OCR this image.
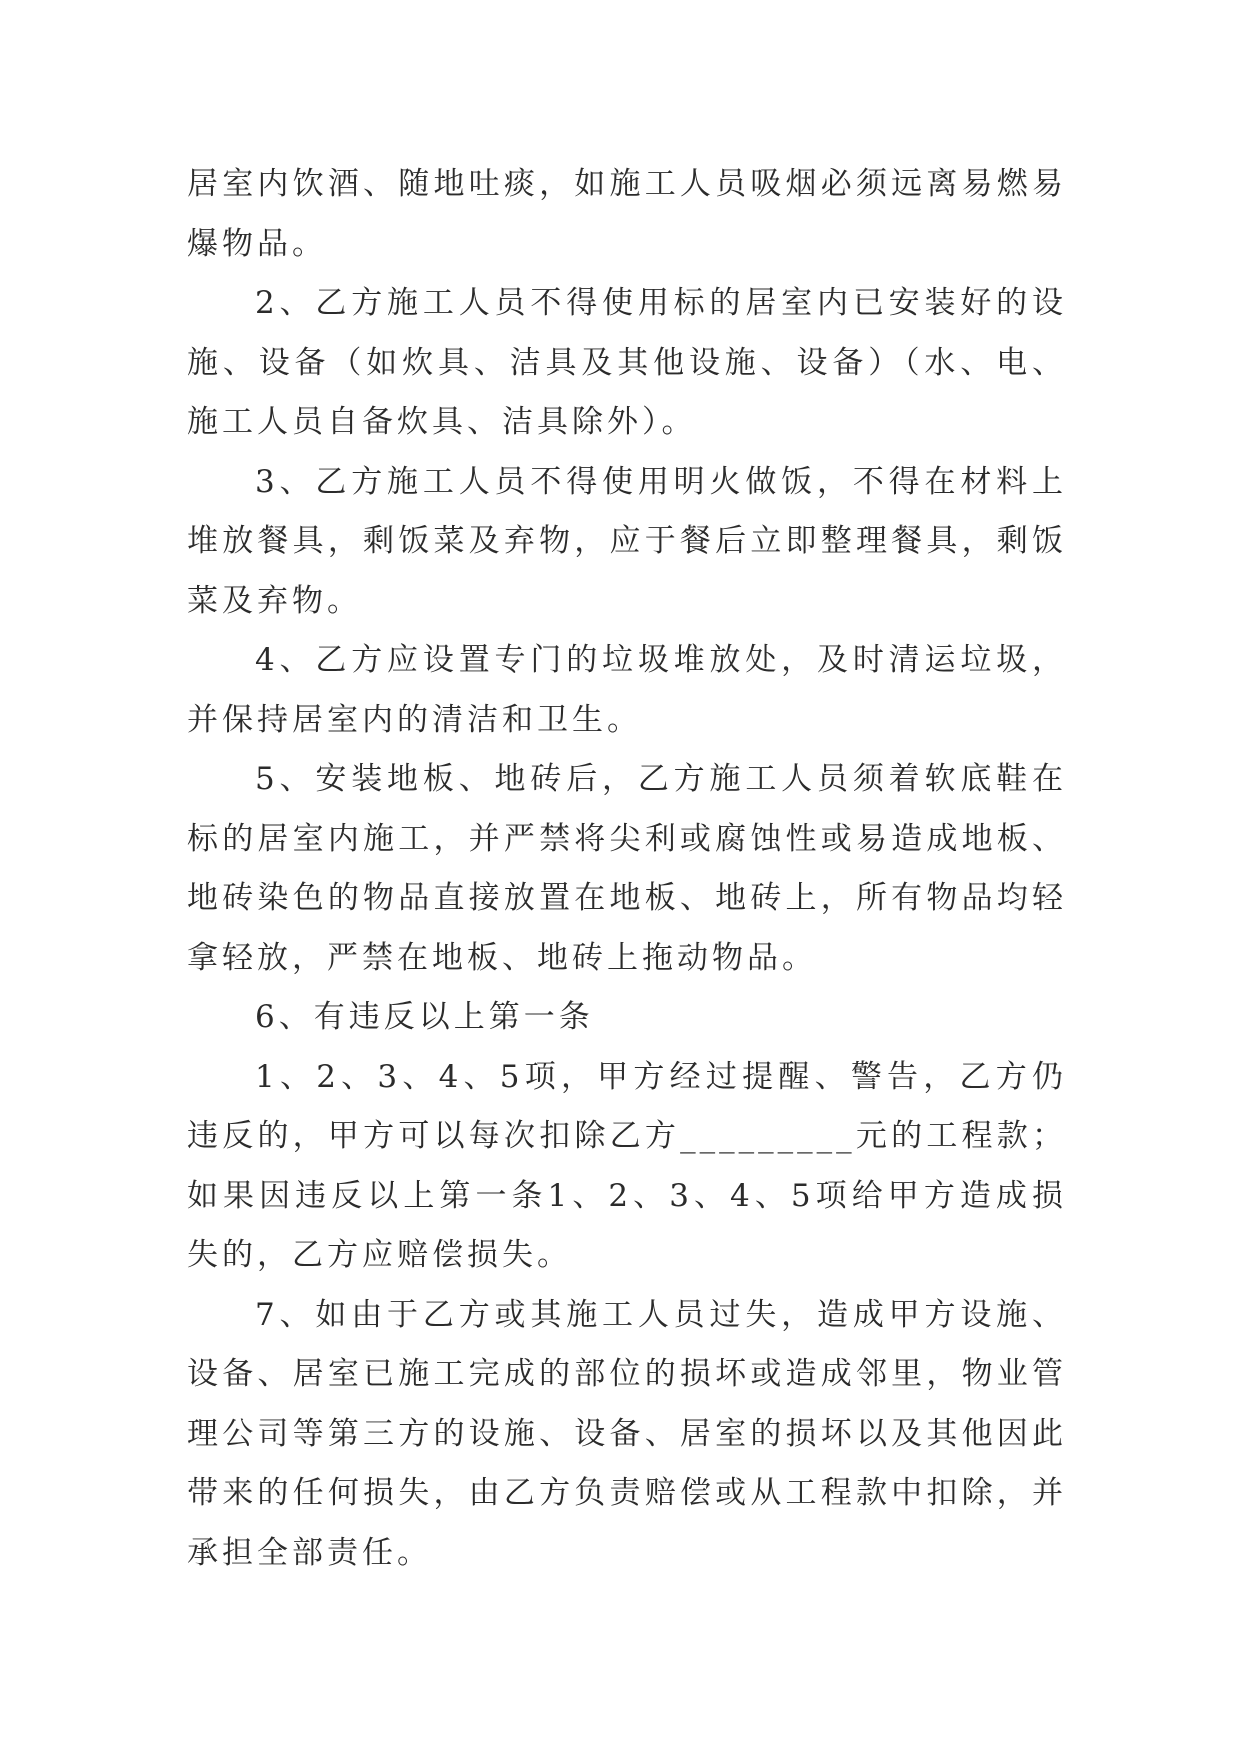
居室内饮酒、随地吐痰，如施工人员吸烟必须远离易燃易爆物品。

2、乙方施工人员不得使用标的居室内已安装好的设施、设备（如炊具、洁具及其他设施、设备）（水、电、施工人员自备炊具、洁具除外）。

3、乙方施工人员不得使用明火做饭，不得在材料上堆放餐具，剩饭菜及弃物，应于餐后立即整理餐具，剩饭菜及弃物。

4、乙方应设置专门的垃圾堆放处，及时清运垃圾，并保持居室内的清洁和卫生。

5、安装地板、地砖后，乙方施工人员须着软底鞋在标的居室内施工，并严禁将尖利或腐蚀性或易造成地板、地砖染色的物品直接放置在地板、地砖上，所有物品均轻拿轻放，严禁在地板、地砖上拖动物品。

6、有违反以上第一条

1、2、3、4、5项，甲方经过提醒、警告，乙方仍违反的，甲方可以每次扣除乙方_________元的工程款；如果因违反以上第一条1、2、3、4、5项给甲方造成损失的，乙方应赔偿损失。

7、如由于乙方或其施工人员过失，造成甲方设施、设备、居室已施工完成的部位的损坏或造成邻里，物业管理公司等第三方的设施、设备、居室的损坏以及其他因此带来的任何损失，由乙方负责赔偿或从工程款中扣除，并承担全部责任。
